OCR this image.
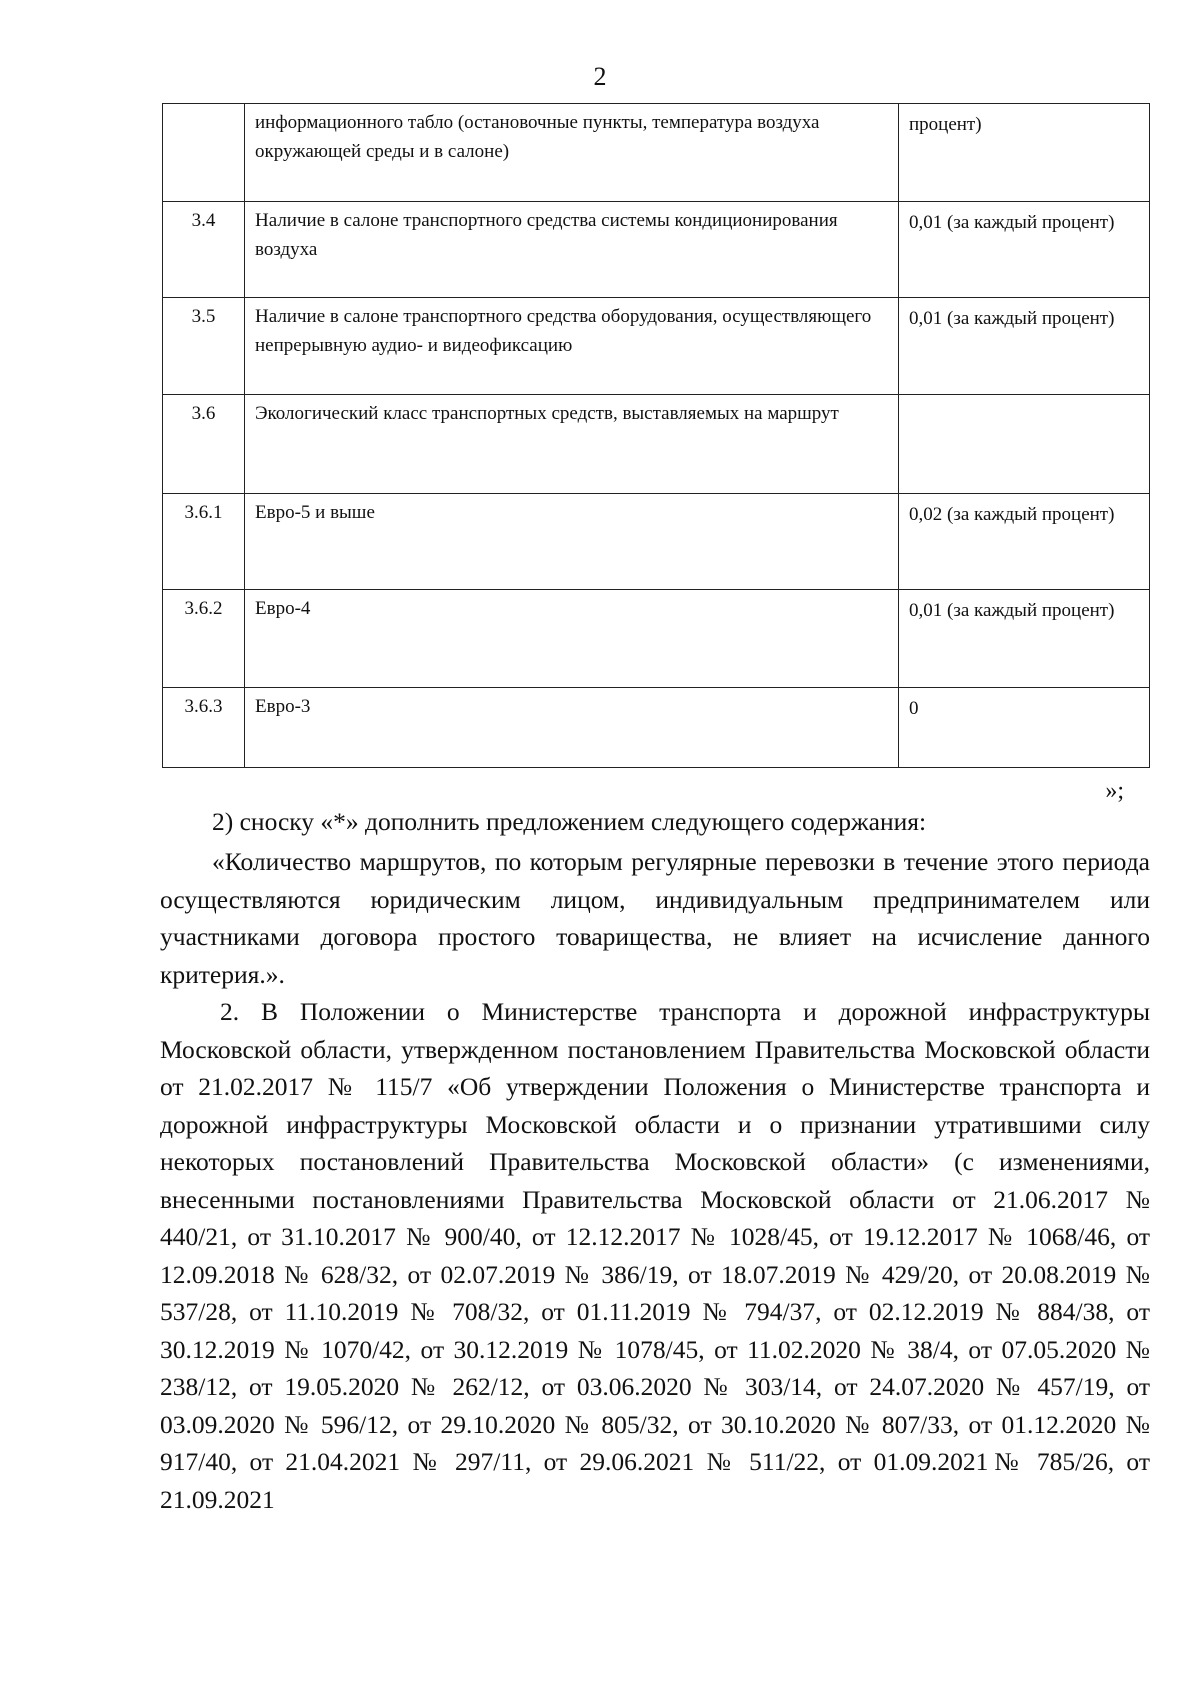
2
	информационного табло (остановочные пункты, температура воздуха окружающей среды и в салоне)	процент)
3.4	Наличие в салоне транспортного средства системы кондиционирования воздуха	0,01 (за каждый процент)
3.5	Наличие в салоне транспортного средства оборудования, осуществляющего непрерывную аудио- и видеофиксацию	0,01 (за каждый процент)
3.6	Экологический класс транспортных средств, выставляемых на маршрут	
3.6.1	Евро-5 и выше	0,02 (за каждый процент)
3.6.2	Евро-4	0,01 (за каждый процент)
3.6.3	Евро-3	0
»;

2) сноску «*» дополнить предложением следующего содержания:

«Количество маршрутов, по которым регулярные перевозки в течение этого периода осуществляются юридическим лицом, индивидуальным предпринимателем или участниками договора простого товарищества, не влияет на исчисление данного критерия.».

2. В Положении о Министерстве транспорта и дорожной инфраструктуры Московской области, утвержденном постановлением Правительства Московской области от 21.02.2017 № 115/7 «Об утверждении Положения о Министерстве транспорта и дорожной инфраструктуры Московской области и о признании утратившими силу некоторых постановлений Правительства Московской области» (с изменениями, внесенными постановлениями Правительства Московской области от 21.06.2017 № 440/21, от 31.10.2017 № 900/40, от 12.12.2017 № 1028/45, от 19.12.2017 № 1068/46, от 12.09.2018 № 628/32, от 02.07.2019 № 386/19, от 18.07.2019 № 429/20, от 20.08.2019 № 537/28, от 11.10.2019 № 708/32, от 01.11.2019 № 794/37, от 02.12.2019 № 884/38, от 30.12.2019 № 1070/42, от 30.12.2019 № 1078/45, от 11.02.2020 № 38/4, от 07.05.2020 № 238/12, от 19.05.2020 № 262/12, от 03.06.2020 № 303/14, от 24.07.2020 № 457/19, от 03.09.2020 № 596/12, от 29.10.2020 № 805/32, от 30.10.2020 № 807/33, от 01.12.2020 № 917/40, от 21.04.2021 № 297/11, от 29.06.2021 № 511/22, от 01.09.2021№ 785/26, от 21.09.2021
